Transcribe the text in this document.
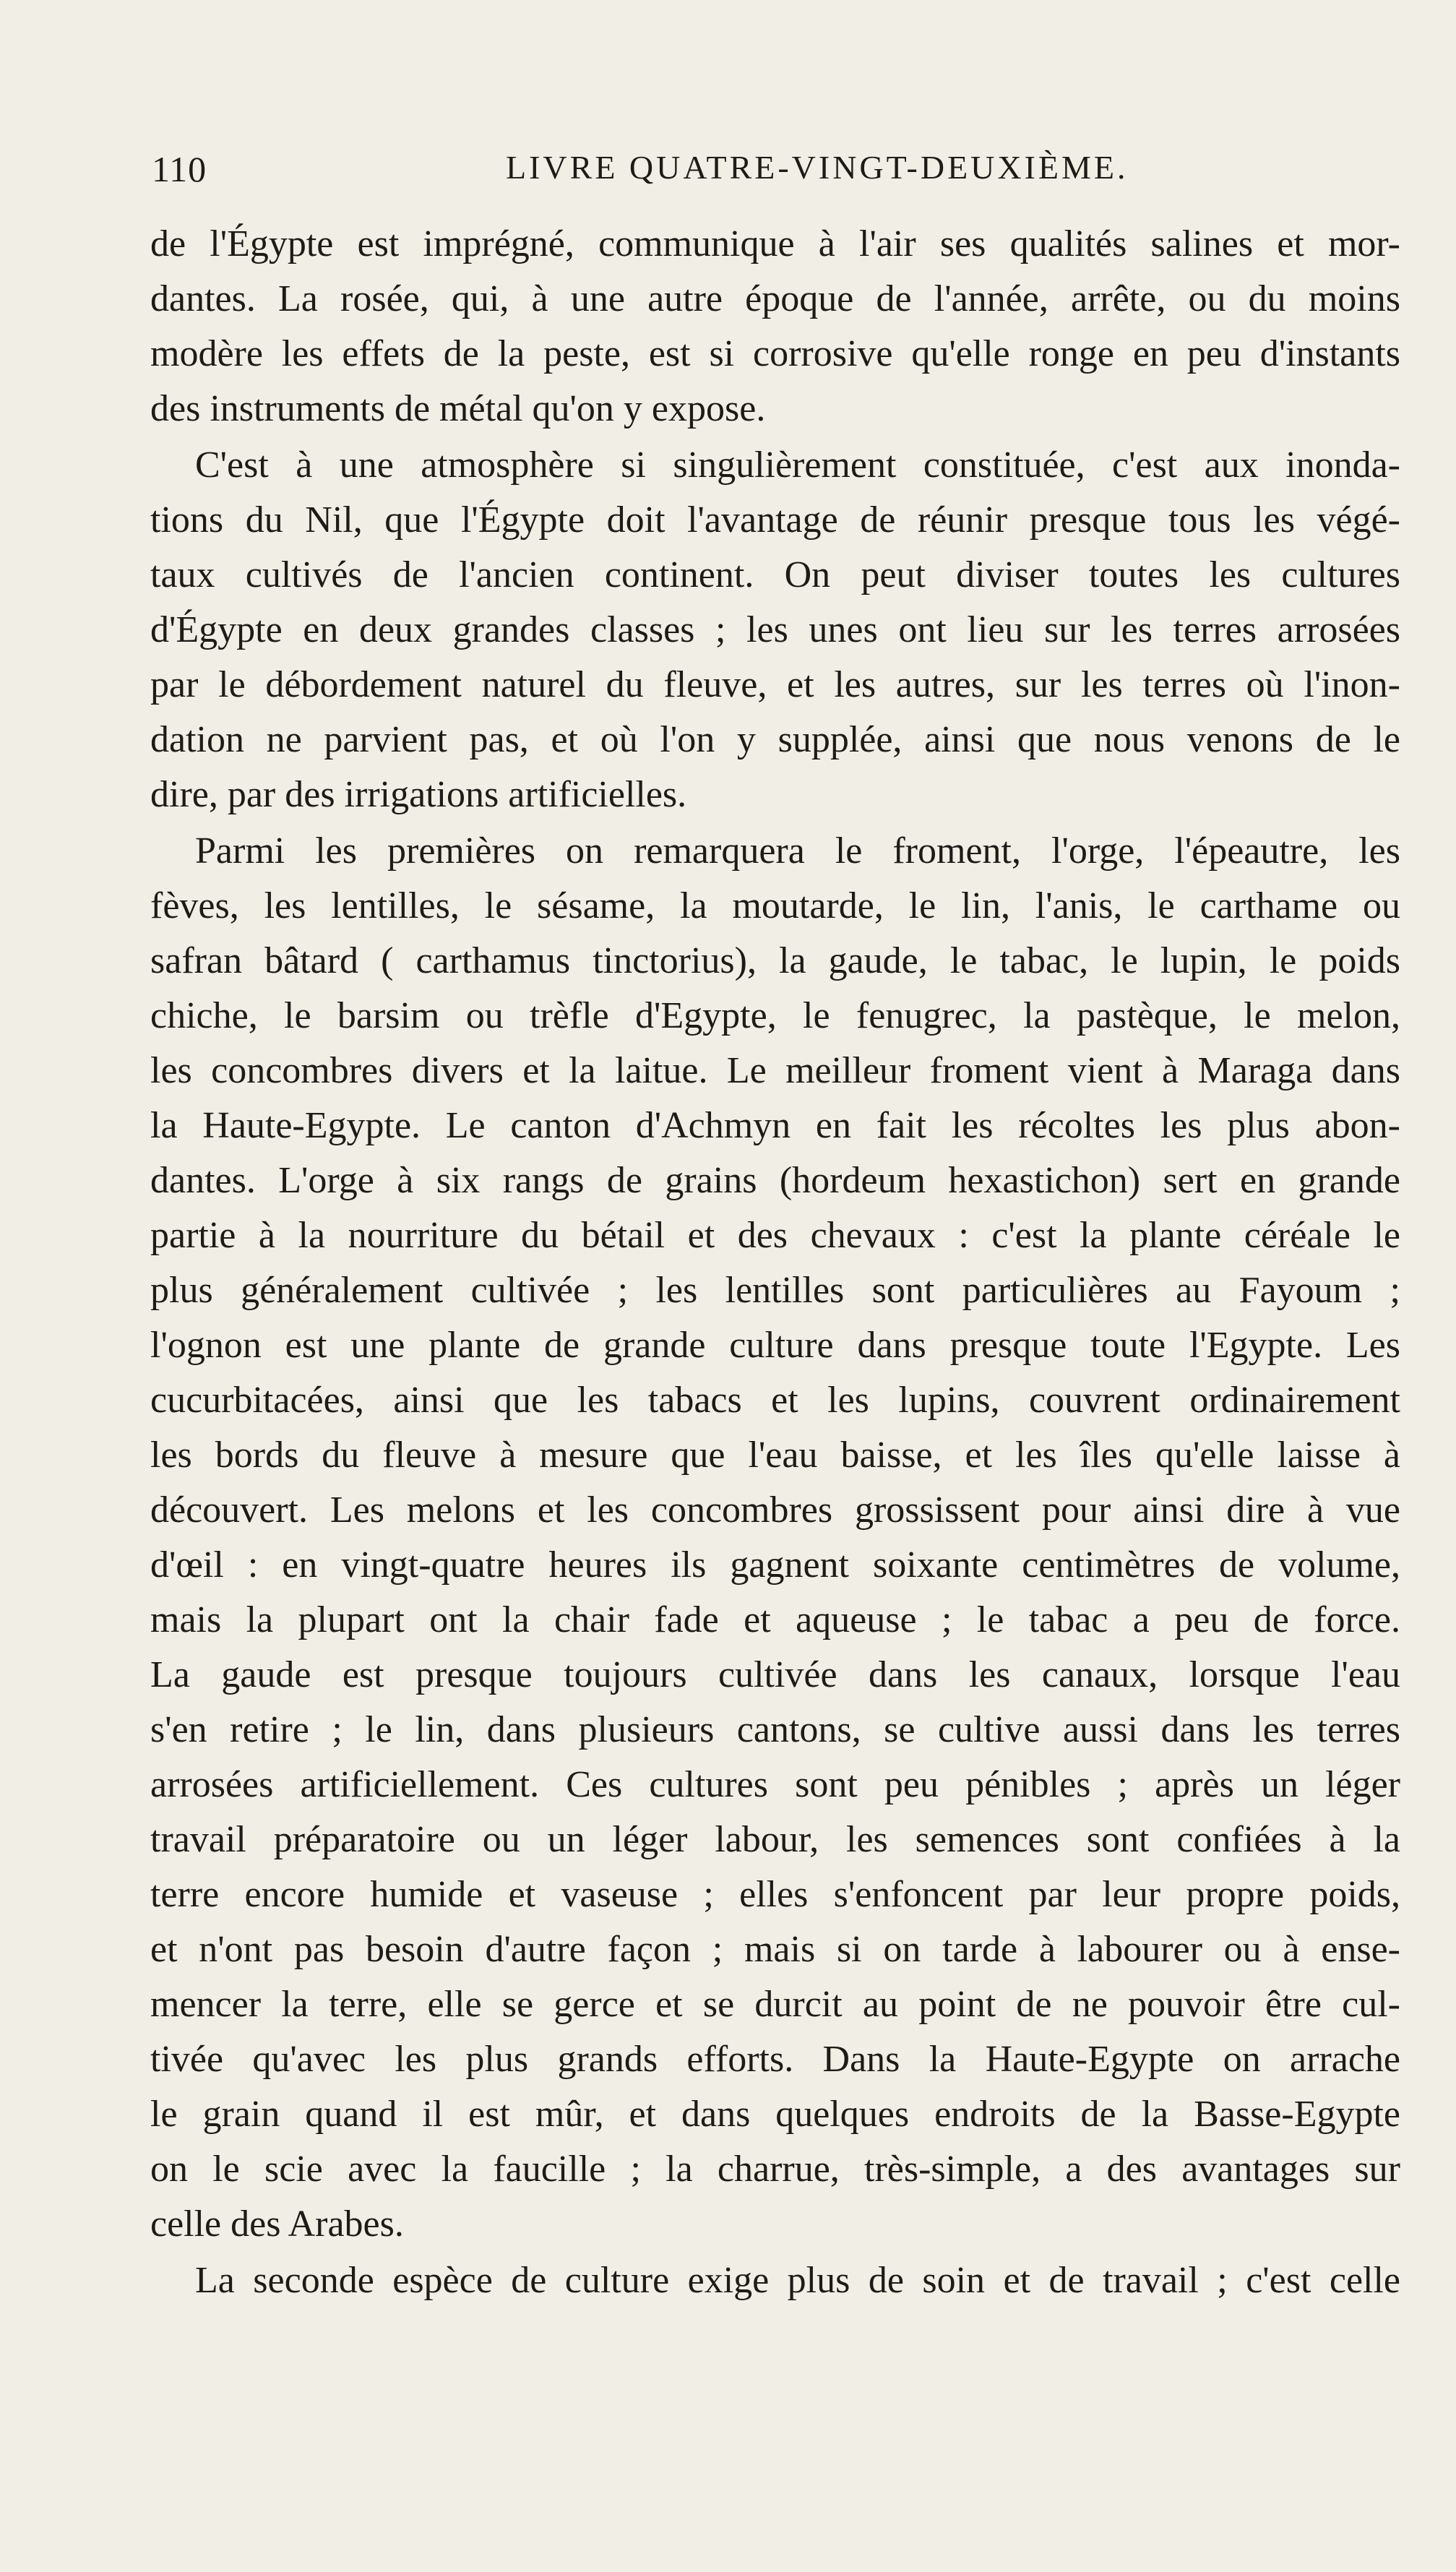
110	LIVRE QUATRE-VINGT-DEUXIÈME.
de l'Égypte est imprégné, communique à l'air ses qualités salines et mor-
dantes. La rosée, qui, à une autre époque de l'année, arrête, ou du moins
modère les effets de la peste, est si corrosive qu'elle ronge en peu d'instants
des instruments de métal qu'on y expose.
C'est à une atmosphère si singulièrement constituée, c'est aux inonda-
tions du Nil, que l'Égypte doit l'avantage de réunir presque tous les végé-
taux cultivés de l'ancien continent. On peut diviser toutes les cultures
d'Égypte en deux grandes classes ; les unes ont lieu sur les terres arrosées
par le débordement naturel du fleuve, et les autres, sur les terres où l'inon-
dation ne parvient pas, et où l'on y supplée, ainsi que nous venons de le
dire, par des irrigations artificielles.
Parmi les premières on remarquera le froment, l'orge, l'épeautre, les
fèves, les lentilles, le sésame, la moutarde, le lin, l'anis, le carthame ou
safran bâtard ( carthamus tinctorius), la gaude, le tabac, le lupin, le poids
chiche, le barsim ou trèfle d'Egypte, le fenugrec, la pastèque, le melon,
les concombres divers et la laitue. Le meilleur froment vient à Maraga dans
la Haute-Egypte. Le canton d'Achmyn en fait les récoltes les plus abon-
dantes. L'orge à six rangs de grains (hordeum hexastichon) sert en grande
partie à la nourriture du bétail et des chevaux : c'est la plante céréale le
plus généralement cultivée ; les lentilles sont particulières au Fayoum ;
l'ognon est une plante de grande culture dans presque toute l'Egypte. Les
cucurbitacées, ainsi que les tabacs et les lupins, couvrent ordinairement
les bords du fleuve à mesure que l'eau baisse, et les îles qu'elle laisse à
découvert. Les melons et les concombres grossissent pour ainsi dire à vue
d'œil : en vingt-quatre heures ils gagnent soixante centimètres de volume,
mais la plupart ont la chair fade et aqueuse ; le tabac a peu de force.
La gaude est presque toujours cultivée dans les canaux, lorsque l'eau
s'en retire ; le lin, dans plusieurs cantons, se cultive aussi dans les terres
arrosées artificiellement. Ces cultures sont peu pénibles ; après un léger
travail préparatoire ou un léger labour, les semences sont confiées à la
terre encore humide et vaseuse ; elles s'enfoncent par leur propre poids,
et n'ont pas besoin d'autre façon ; mais si on tarde à labourer ou à ense-
mencer la terre, elle se gerce et se durcit au point de ne pouvoir être cul-
tivée qu'avec les plus grands efforts. Dans la Haute-Egypte on arrache
le grain quand il est mûr, et dans quelques endroits de la Basse-Egypte
on le scie avec la faucille ; la charrue, très-simple, a des avantages sur
celle des Arabes.
La seconde espèce de culture exige plus de soin et de travail ; c'est celle
